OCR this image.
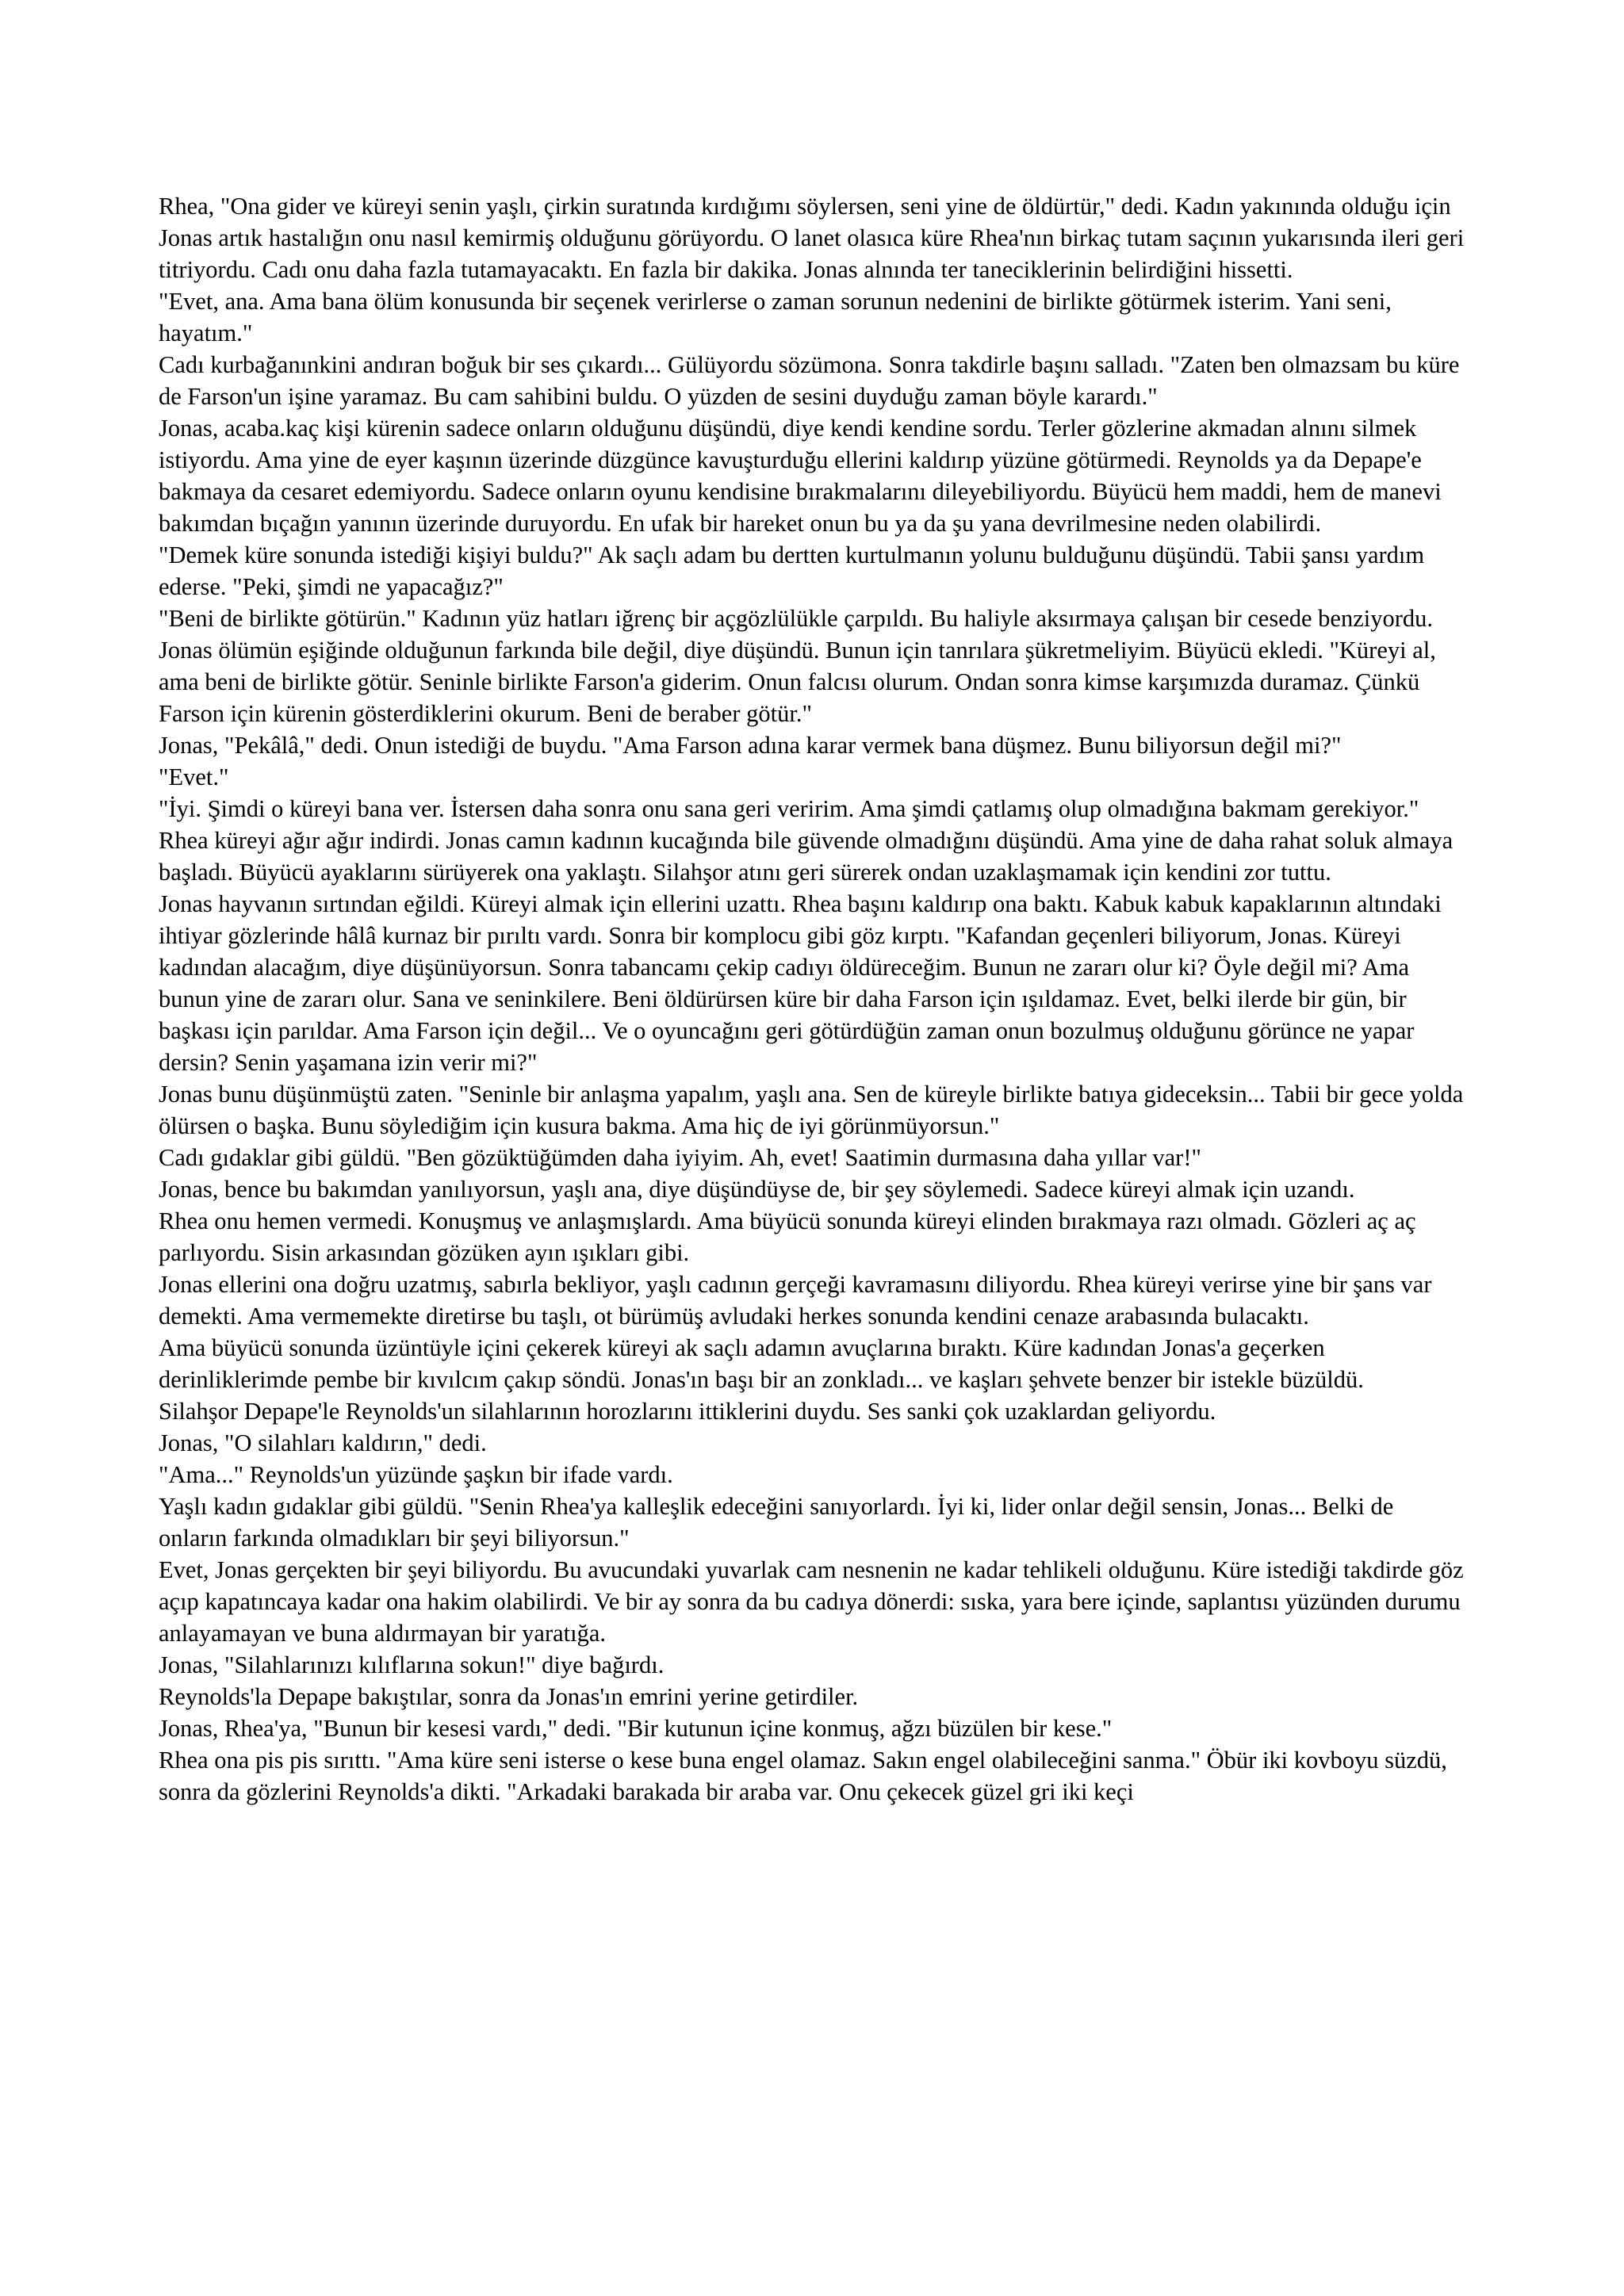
Rhea, "Ona gider ve küreyi senin yaşlı, çirkin suratında kırdığımı söylersen, seni yine de öldürtür," dedi. Kadın yakınında olduğu için Jonas artık hastalığın onu nasıl kemirmiş olduğunu görüyordu. O lanet olasıca küre Rhea'nın birkaç tutam saçının yukarısında ileri geri titriyordu. Cadı onu daha fazla tutamayacaktı. En fazla bir dakika. Jonas alnında ter taneciklerinin belirdiğini hissetti.

"Evet, ana. Ama bana ölüm konusunda bir seçenek verirlerse o zaman sorunun nedenini de birlikte götürmek isterim. Yani seni, hayatım."

Cadı kurbağanınkini andıran boğuk bir ses çıkardı... Gülüyordu sözümona. Sonra takdirle başını salladı. "Zaten ben olmazsam bu küre de Farson'un işine yaramaz. Bu cam sahibini buldu. O yüzden de sesini duyduğu zaman böyle karardı."

Jonas, acaba.kaç kişi kürenin sadece onların olduğunu düşündü, diye kendi kendine sordu. Terler gözlerine akmadan alnını silmek istiyordu. Ama yine de eyer kaşının üzerinde düzgünce kavuşturduğu ellerini kaldırıp yüzüne götürmedi. Reynolds ya da Depape'e bakmaya da cesaret edemiyordu. Sadece onların oyunu kendisine bırakmalarını dileyebiliyordu. Büyücü hem maddi, hem de manevi bakımdan bıçağın yanının üzerinde duruyordu. En ufak bir hareket onun bu ya da şu yana devrilmesine neden olabilirdi.

"Demek küre sonunda istediği kişiyi buldu?" Ak saçlı adam bu dertten kurtulmanın yolunu bulduğunu düşündü. Tabii şansı yardım ederse. "Peki, şimdi ne yapacağız?"

"Beni de birlikte götürün." Kadının yüz hatları iğrenç bir açgözlülükle çarpıldı. Bu haliyle aksırmaya çalışan bir cesede benziyordu. Jonas ölümün eşiğinde olduğunun farkında bile değil, diye düşündü. Bunun için tanrılara şükretmeliyim. Büyücü ekledi. "Küreyi al, ama beni de birlikte götür. Seninle birlikte Farson'a giderim. Onun falcısı olurum. Ondan sonra kimse karşımızda duramaz. Çünkü Farson için kürenin gösterdiklerini okurum. Beni de beraber götür."

Jonas, "Pekâlâ," dedi. Onun istediği de buydu. "Ama Farson adına karar vermek bana düşmez. Bunu biliyorsun değil mi?"

"Evet."

"İyi. Şimdi o küreyi bana ver. İstersen daha sonra onu sana geri veririm. Ama şimdi çatlamış olup olmadığına bakmam gerekiyor."

Rhea küreyi ağır ağır indirdi. Jonas camın kadının kucağında bile güvende olmadığını düşündü. Ama yine de daha rahat soluk almaya başladı. Büyücü ayaklarını sürüyerek ona yaklaştı. Silahşor atını geri sürerek ondan uzaklaşmamak için kendini zor tuttu.

Jonas hayvanın sırtından eğildi. Küreyi almak için ellerini uzattı. Rhea başını kaldırıp ona baktı. Kabuk kabuk kapaklarının altındaki ihtiyar gözlerinde hâlâ kurnaz bir pırıltı vardı. Sonra bir komplocu gibi göz kırptı. "Kafandan geçenleri biliyorum, Jonas. Küreyi kadından alacağım, diye düşünüyorsun. Sonra tabancamı çekip cadıyı öldüreceğim. Bunun ne zararı olur ki? Öyle değil mi? Ama bunun yine de zararı olur. Sana ve seninkilere. Beni öldürürsen küre bir daha Farson için ışıldamaz. Evet, belki ilerde bir gün, bir başkası için parıldar. Ama Farson için değil... Ve o oyuncağını geri götürdüğün zaman onun bozulmuş olduğunu görünce ne yapar dersin? Senin yaşamana izin verir mi?"

Jonas bunu düşünmüştü zaten. "Seninle bir anlaşma yapalım, yaşlı ana. Sen de küreyle birlikte batıya gideceksin... Tabii bir gece yolda ölürsen o başka. Bunu söylediğim için kusura bakma. Ama hiç de iyi görünmüyorsun."

Cadı gıdaklar gibi güldü. "Ben gözüktüğümden daha iyiyim. Ah, evet! Saatimin durmasına daha yıllar var!"

Jonas, bence bu bakımdan yanılıyorsun, yaşlı ana, diye düşündüyse de, bir şey söylemedi. Sadece küreyi almak için uzandı.

Rhea onu hemen vermedi. Konuşmuş ve anlaşmışlardı. Ama büyücü sonunda küreyi elinden bırakmaya razı olmadı. Gözleri aç aç parlıyordu. Sisin arkasından gözüken ayın ışıkları gibi.

Jonas ellerini ona doğru uzatmış, sabırla bekliyor, yaşlı cadının gerçeği kavramasını diliyordu. Rhea küreyi verirse yine bir şans var demekti. Ama vermemekte diretirse bu taşlı, ot bürümüş avludaki herkes sonunda kendini cenaze arabasında bulacaktı.

Ama büyücü sonunda üzüntüyle içini çekerek küreyi ak saçlı adamın avuçlarına bıraktı. Küre kadından Jonas'a geçerken derinliklerimde pembe bir kıvılcım çakıp söndü. Jonas'ın başı bir an zonkladı... ve kaşları şehvete benzer bir istekle büzüldü.

Silahşor Depape'le Reynolds'un silahlarının horozlarını ittiklerini duydu. Ses sanki çok uzaklardan geliyordu.

Jonas, "O silahları kaldırın," dedi.

"Ama..." Reynolds'un yüzünde şaşkın bir ifade vardı.

Yaşlı kadın gıdaklar gibi güldü. "Senin Rhea'ya kalleşlik edeceğini sanıyorlardı. İyi ki, lider onlar değil sensin, Jonas... Belki de onların farkında olmadıkları bir şeyi biliyorsun."

Evet, Jonas gerçekten bir şeyi biliyordu. Bu avucundaki yuvarlak cam nesnenin ne kadar tehlikeli olduğunu. Küre istediği takdirde göz açıp kapatıncaya kadar ona hakim olabilirdi. Ve bir ay sonra da bu cadıya dönerdi: sıska, yara bere içinde, saplantısı yüzünden durumu anlayamayan ve buna aldırmayan bir yaratığa.

Jonas, "Silahlarınızı kılıflarına sokun!" diye bağırdı.

Reynolds'la Depape bakıştılar, sonra da Jonas'ın emrini yerine getirdiler.

Jonas, Rhea'ya, "Bunun bir kesesi vardı," dedi. "Bir kutunun içine konmuş, ağzı büzülen bir kese."

Rhea ona pis pis sırıttı. "Ama küre seni isterse o kese buna engel olamaz. Sakın engel olabileceğini sanma." Öbür iki kovboyu süzdü, sonra da gözlerini Reynolds'a dikti. "Arkadaki barakada bir araba var. Onu çekecek güzel gri iki keçi
